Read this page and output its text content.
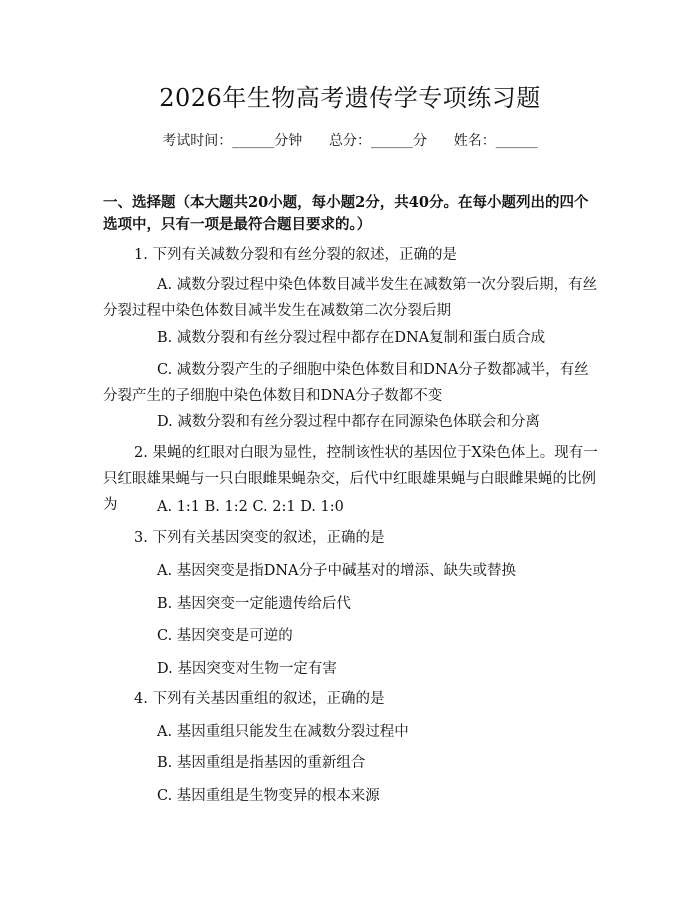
2026年生物高考遗传学专项练习题
考试时间：______分钟      总分：______分      姓名：______
一、选择题（本大题共20小题，每小题2分，共40分。在每小题列出的四个选项中，只有一项是最符合题目要求的。）
1. 下列有关减数分裂和有丝分裂的叙述，正确的是
A. 减数分裂过程中染色体数目减半发生在减数第一次分裂后期，有丝分裂过程中染色体数目减半发生在减数第二次分裂后期
B. 减数分裂和有丝分裂过程中都存在DNA复制和蛋白质合成
C. 减数分裂产生的子细胞中染色体数目和DNA分子数都减半，有丝分裂产生的子细胞中染色体数目和DNA分子数都不变
D. 减数分裂和有丝分裂过程中都存在同源染色体联会和分离
2. 果蝇的红眼对白眼为显性，控制该性状的基因位于X染色体上。现有一只红眼雄果蝇与一只白眼雌果蝇杂交，后代中红眼雄果蝇与白眼雌果蝇的比例为	A. 1:1 B. 1:2 C. 2:1 D. 1:0
3. 下列有关基因突变的叙述，正确的是
A. 基因突变是指DNA分子中碱基对的增添、缺失或替换
B. 基因突变一定能遗传给后代
C. 基因突变是可逆的
D. 基因突变对生物一定有害
4. 下列有关基因重组的叙述，正确的是
A. 基因重组只能发生在减数分裂过程中
B. 基因重组是指基因的重新组合
C. 基因重组是生物变异的根本来源
